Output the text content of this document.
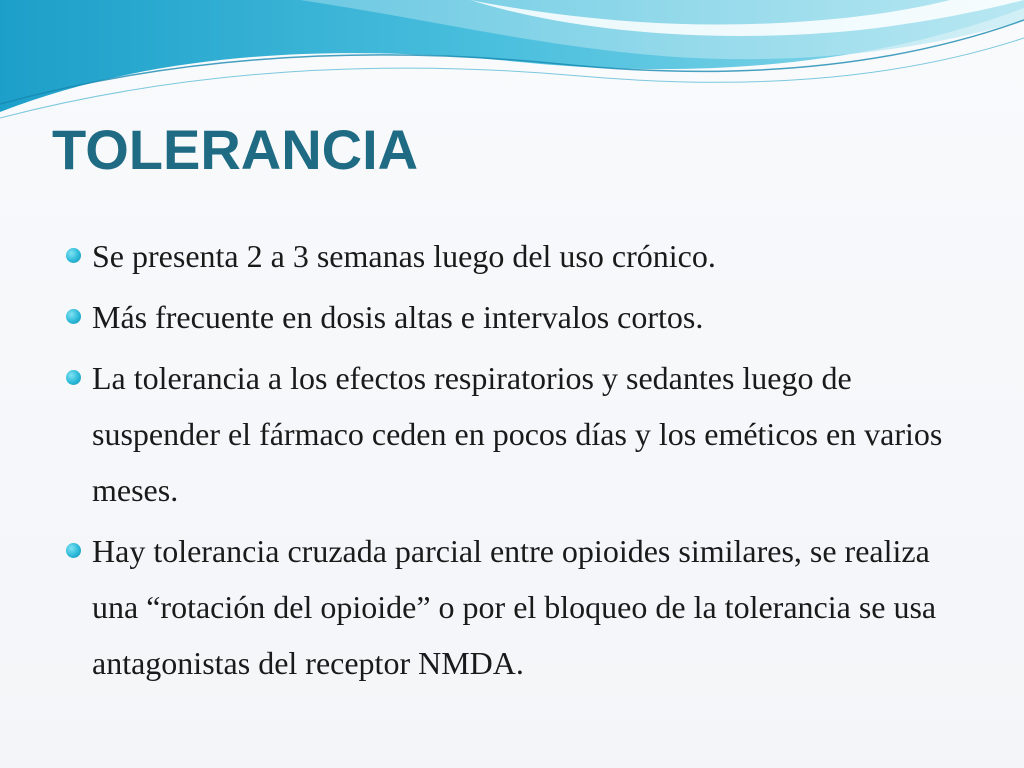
TOLERANCIA
Se presenta 2 a 3 semanas luego del uso crónico.
Más frecuente en dosis altas e intervalos cortos.
La tolerancia a los efectos respiratorios y sedantes luego de suspender el fármaco ceden en pocos días y los eméticos en varios meses.
Hay tolerancia cruzada parcial entre opioides similares, se realiza una “rotación del opioide” o por el bloqueo de la tolerancia se usa antagonistas del receptor NMDA.
